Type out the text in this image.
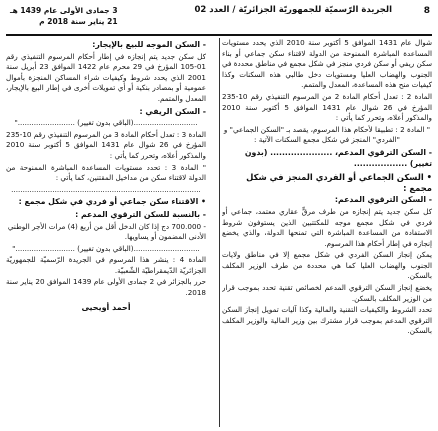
8
الجريدة الرّسميّة للجمهوريّة الجزائريّة / العدد 02
3 جمادى الأولى عام 1439 هـ
21 يناير سنة 2018 م
شوال عام 1431 الموافق 5 أكتوبر سنة 2010 الذي يحدد مستويات المساعدة المباشرة الممنوحة من الدولة لاقتناء سكن جماعي أو بناء سكن ريفي أو سكن فردي منجز في شكل مجمع في مناطق محددة في الجنوب والهضاب العليا ومستويات دخل طالبي هذه السكنات وكذا كيفيات منح هذه المساعدة، المعدل والمتمم.
المادة 2 : تعدل أحكام المادة 2 من المرسوم التنفيذي رقم 10-235 المؤرخ في 26 شوال عام 1431 الموافق 5 أكتوبر سنة 2010 والمذكور أعلاه، وتحرر كما يأتي :
" المادة 2 : تطبيقا لأحكام هذا المرسوم، يقصد بـ "السكن الجماعي" و "الفردي" المنجز في شكل مجمع السكنات الآتية :
- السكن الترقوي المدعم، ..................... (بدون تغيير) ..................
• السكن الجماعي أو الفردي المنجز في شكل مجمع :
- السكن الترقوي المدعم:
كل سكن جديد يتم إنجازه من طرف مرقٍّ عقاري معتمد، جماعي أو فردي في شكل مجمع موجه للمكتتبين الذين يستوفون شروط الاستفادة من المساعدة المباشرة التي تمنحها الدولة، والذي يخضع إنجازه في إطار أحكام هذا المرسوم.
يمكن إنجاز السكن الفردي في شكل مجمع إلا في مناطق ولايات الجنوب والهضاب العليا كما هي محددة من طرف الوزير المكلف بالسكن.
يخضع إنجاز السكن الترقوي المدعم لخصائص تقنية تحدد بموجب قرار من الوزير المكلف بالسكن.
تحدد الشروط والكيفيات التقنية والمالية وكذا آليات تمويل إنجاز السكن الترقوي المدعم بموجب قرار مشترك بين وزير المالية والوزير المكلف بالسكن.
- السكن الموجه للبيع بالإيجار:
كل سكن جديد يتم إنجازه في إطار أحكام المرسوم التنفيذي رقم 01-105 المؤرخ في 29 محرم عام 1422 الموافق 23 أبريل سنة 2001 الذي يحدد شروط وكيفيات شراء المساكن المنجزة بأموال عمومية أو بمصادر بنكية أو أي تمويلات أخرى في إطار البيع بالإيجار، المعدل والمتمم.
- السكن الريفي :
............................(الباقي بدون تغيير) ........................."
المادة 3 : تعدل أحكام المادة 3 من المرسوم التنفيذي رقم 10-235 المؤرخ في 26 شوال عام 1431 الموافق 5 أكتوبر سنة 2010 والمذكور أعلاه، وتحرر كما يأتي :
" المادة 3 : تحدد مستويات المساعدة المباشرة الممنوحة من الدولة لاقتناء سكن من مداخيل المقتنين، كما يأتي :
...................................................................................
• الاقتناء سكن جماعي أو فردي في شكل مجمع :
- بالنسبة للسكن الترقوي المدعم :
- 700.000 دج إذا كان الدخل أقل من أربع (4) مرات الأجر الوطني الأدنى المضمون أو يساويها.
.............................(الباقي بدون تغيير) .........................."
المادة 4 : ينشر هذا المرسوم في الجريدة الرّسميّة للجمهوريّة الجزائريّة الدّيمقراطيّة الشّعبيّة.
حرر بالجزائر في 2 جمادى الأولى عام 1439 الموافق 20 يناير سنة 2018.
أحمد أويحيى
